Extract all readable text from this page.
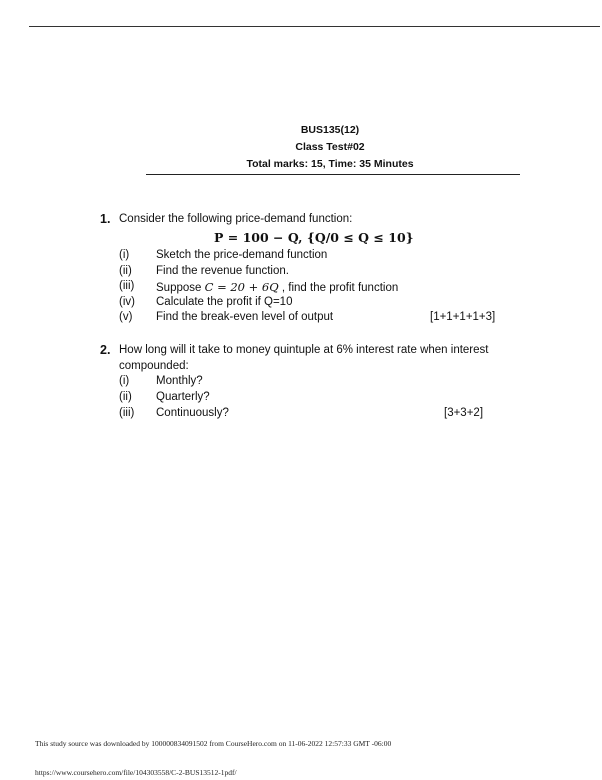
BUS135(12)
Class Test#02
Total marks: 15, Time: 35 Minutes
1. Consider the following price-demand function:
P = 100 − Q, {Q/0 ≤ Q ≤ 10}
(i) Sketch the price-demand function
(ii) Find the revenue function.
(iii) Suppose C = 20 + 6Q , find the profit function
(iv) Calculate the profit if Q=10
(v) Find the break-even level of output	[1+1+1+1+3]
2. How long will it take to money quintuple at 6% interest rate when interest
compounded:
(i) Monthly?
(ii) Quarterly?
(iii) Continuously?	[3+3+2]
This study source was downloaded by 100000834091502 from CourseHero.com on 11-06-2022 12:57:33 GMT -06:00
https://www.coursehero.com/file/104303558/C-2-BUS13512-1pdf/
